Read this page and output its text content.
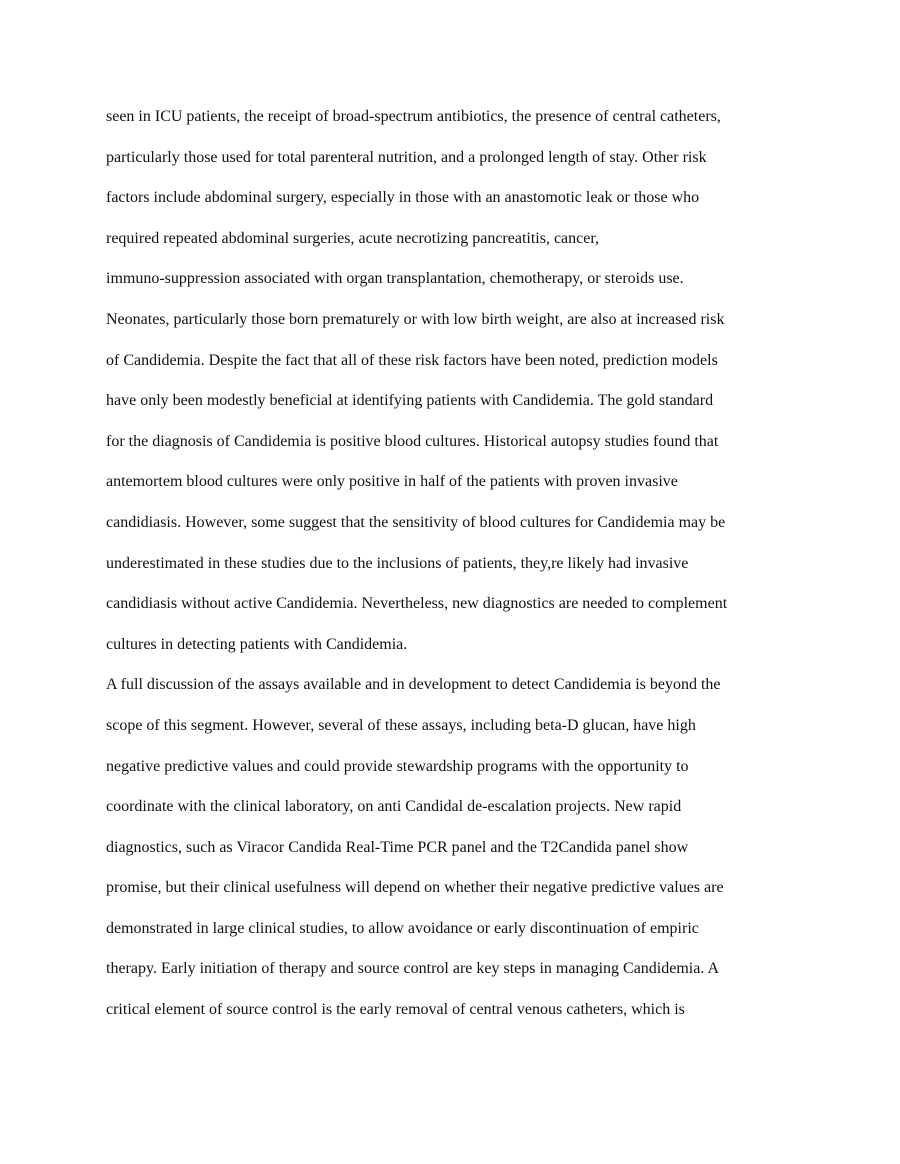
seen in ICU patients, the receipt of broad-spectrum antibiotics, the presence of central catheters,
particularly those used for total parenteral nutrition, and a prolonged length of stay. Other risk
factors include abdominal surgery, especially in those with an anastomotic leak or those who
required repeated abdominal surgeries, acute necrotizing pancreatitis, cancer,
immuno-suppression associated with organ transplantation, chemotherapy, or steroids use.
Neonates, particularly those born prematurely or with low birth weight, are also at increased risk
of Candidemia. Despite the fact that all of these risk factors have been noted, prediction models
have only been modestly beneficial at identifying patients with Candidemia. The gold standard
for the diagnosis of Candidemia is positive blood cultures. Historical autopsy studies found that
antemortem blood cultures were only positive in half of the patients with proven invasive
candidiasis. However, some suggest that the sensitivity of blood cultures for Candidemia may be
underestimated in these studies due to the inclusions of patients, they,re likely had invasive
candidiasis without active Candidemia. Nevertheless, new diagnostics are needed to complement
cultures in detecting patients with Candidemia.
A full discussion of the assays available and in development to detect Candidemia is beyond the
scope of this segment. However, several of these assays, including beta-D glucan, have high
negative predictive values and could provide stewardship programs with the opportunity to
coordinate with the clinical laboratory, on anti Candidal de-escalation projects. New rapid
diagnostics, such as Viracor Candida Real-Time PCR panel and the T2Candida panel show
promise, but their clinical usefulness will depend on whether their negative predictive values are
demonstrated in large clinical studies, to allow avoidance or early discontinuation of empiric
therapy. Early initiation of therapy and source control are key steps in managing Candidemia. A
critical element of source control is the early removal of central venous catheters, which is
